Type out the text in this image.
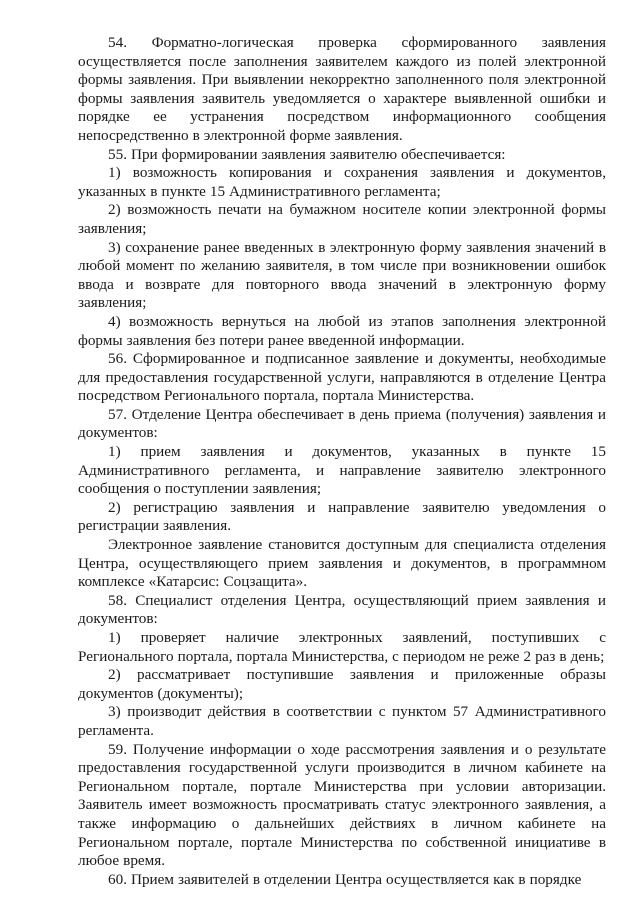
54. Форматно-логическая проверка сформированного заявления осуществляется после заполнения заявителем каждого из полей электронной формы заявления. При выявлении некорректно заполненного поля электронной формы заявления заявитель уведомляется о характере выявленной ошибки и порядке ее устранения посредством информационного сообщения непосредственно в электронной форме заявления.

55. При формировании заявления заявителю обеспечивается:

1) возможность копирования и сохранения заявления и документов, указанных в пункте 15 Административного регламента;

2) возможность печати на бумажном носителе копии электронной формы заявления;

3) сохранение ранее введенных в электронную форму заявления значений в любой момент по желанию заявителя, в том числе при возникновении ошибок ввода и возврате для повторного ввода значений в электронную форму заявления;

4) возможность вернуться на любой из этапов заполнения электронной формы заявления без потери ранее введенной информации.

56. Сформированное и подписанное заявление и документы, необходимые для предоставления государственной услуги, направляются в отделение Центра посредством Регионального портала, портала Министерства.

57. Отделение Центра обеспечивает в день приема (получения) заявления и документов:

1) прием заявления и документов, указанных в пункте 15 Административного регламента, и направление заявителю электронного сообщения о поступлении заявления;

2) регистрацию заявления и направление заявителю уведомления о регистрации заявления.

Электронное заявление становится доступным для специалиста отделения Центра, осуществляющего прием заявления и документов, в программном комплексе «Катарсис: Соцзащита».

58. Специалист отделения Центра, осуществляющий прием заявления и документов:

1) проверяет наличие электронных заявлений, поступивших с Регионального портала, портала Министерства, с периодом не реже 2 раз в день;

2) рассматривает поступившие заявления и приложенные образы документов (документы);

3) производит действия в соответствии с пунктом 57 Административного регламента.

59. Получение информации о ходе рассмотрения заявления и о результате предоставления государственной услуги производится в личном кабинете на Региональном портале, портале Министерства при условии авторизации. Заявитель имеет возможность просматривать статус электронного заявления, а также информацию о дальнейших действиях в личном кабинете на Региональном портале, портале Министерства по собственной инициативе в любое время.

60. Прием заявителей в отделении Центра осуществляется как в порядке
